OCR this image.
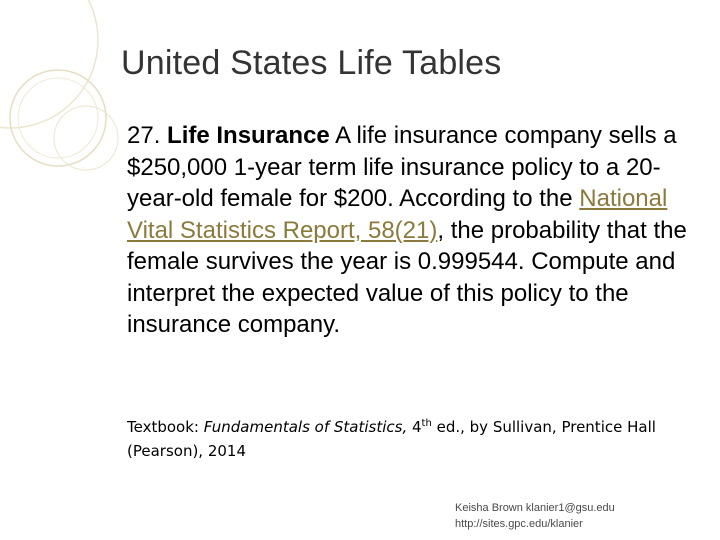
United States Life Tables
27. Life Insurance A life insurance company sells a $250,000 1-year term life insurance policy to a 20-year-old female for $200. According to the National Vital Statistics Report, 58(21), the probability that the female survives the year is 0.999544. Compute and interpret the expected value of this policy to the insurance company.
Textbook: Fundamentals of Statistics, 4th ed., by Sullivan, Prentice Hall (Pearson), 2014
Keisha Brown klanier1@gsu.edu
http://sites.gpc.edu/klanier
